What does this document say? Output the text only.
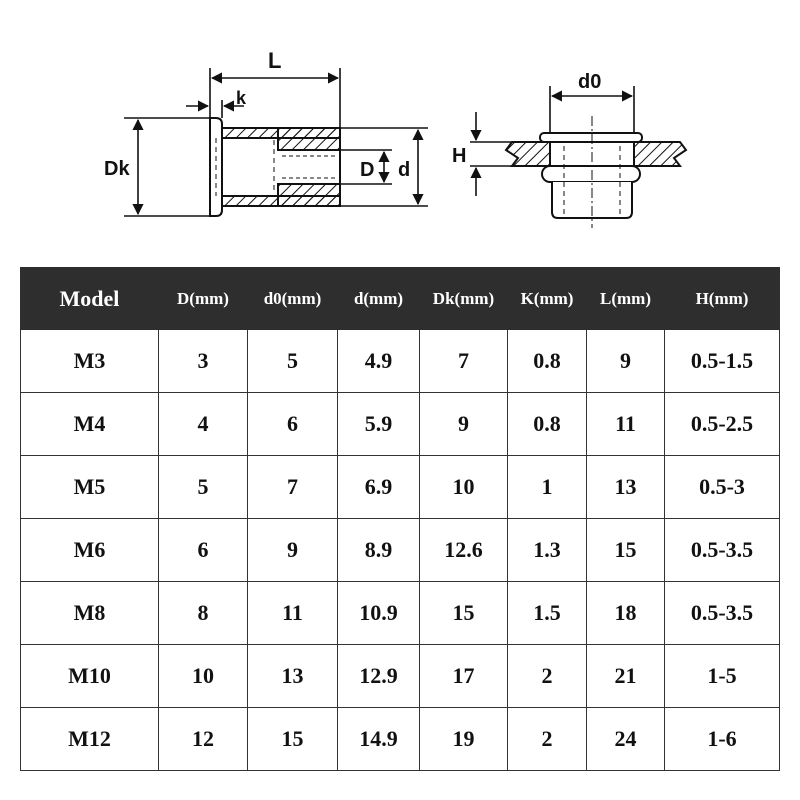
L
k
Dk	D d
d0
H
Model	D(mm)	d0(mm)	d(mm)	Dk(mm)	K(mm)	L(mm)	H(mm)
M3	3	5	4.9	7	0.8	9	0.5-1.5
M4	4	6	5.9	9	0.8	11	0.5-2.5
M5	5	7	6.9	10	1	13	0.5-3
M6	6	9	8.9	12.6	1.3	15	0.5-3.5
M8	8	11	10.9	15	1.5	18	0.5-3.5
M10	10	13	12.9	17	2	21	1-5
M12	12	15	14.9	19	2	24	1-6
